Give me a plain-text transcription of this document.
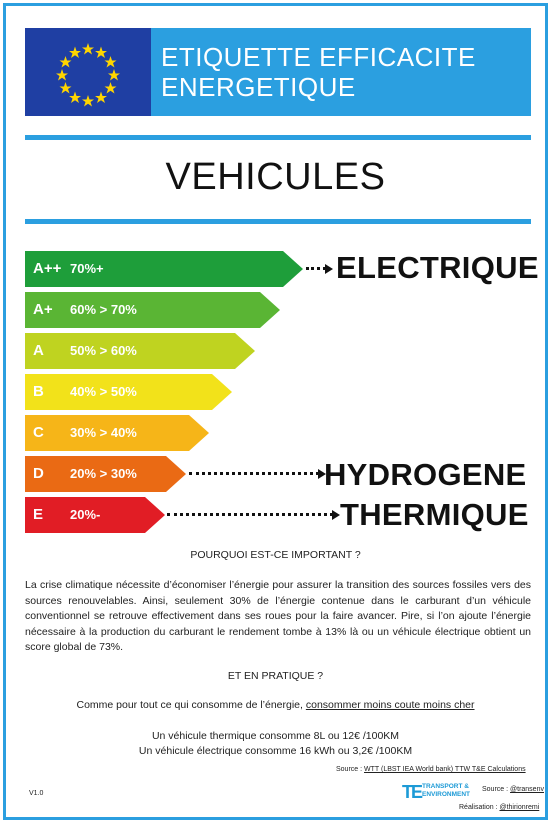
ETIQUETTE EFFICACITE
ENERGETIQUE
VEHICULES
A++ 70%+
A+ 60% > 70%
A 50% > 60%
B 40% > 50%
C 30% > 40%
D 20% > 30%
E 20%-
ELECTRIQUE
HYDROGENE
THERMIQUE
POURQUOI EST-CE IMPORTANT ?
La crise climatique nécessite d’économiser l’énergie pour assurer la transition des sources fossiles vers des sources renouvelables. Ainsi, seulement 30% de l’énergie contenue dans le carburant d’un véhicule conventionnel se retrouve effectivement dans ses roues pour la faire avancer. Pire, si l’on ajoute l’énergie nécessaire à la production du carburant le rendement tombe à 13% là ou un véhicule électrique obtient un score global de 73%.
ET EN PRATIQUE ?
Comme pour tout ce qui consomme de l’énergie, consommer moins coute moins cher
Un véhicule thermique consomme 8L ou 12€ /100KM
Un véhicule électrique consomme 16 kWh ou 3,2€ /100KM
Source : WTT (LBST IEA World bank) TTW T&E Calculations
V1.0	TE TRANSPORT &
ENVIRONMENT
Source : @transenv
Réalisation : @thirionremi
